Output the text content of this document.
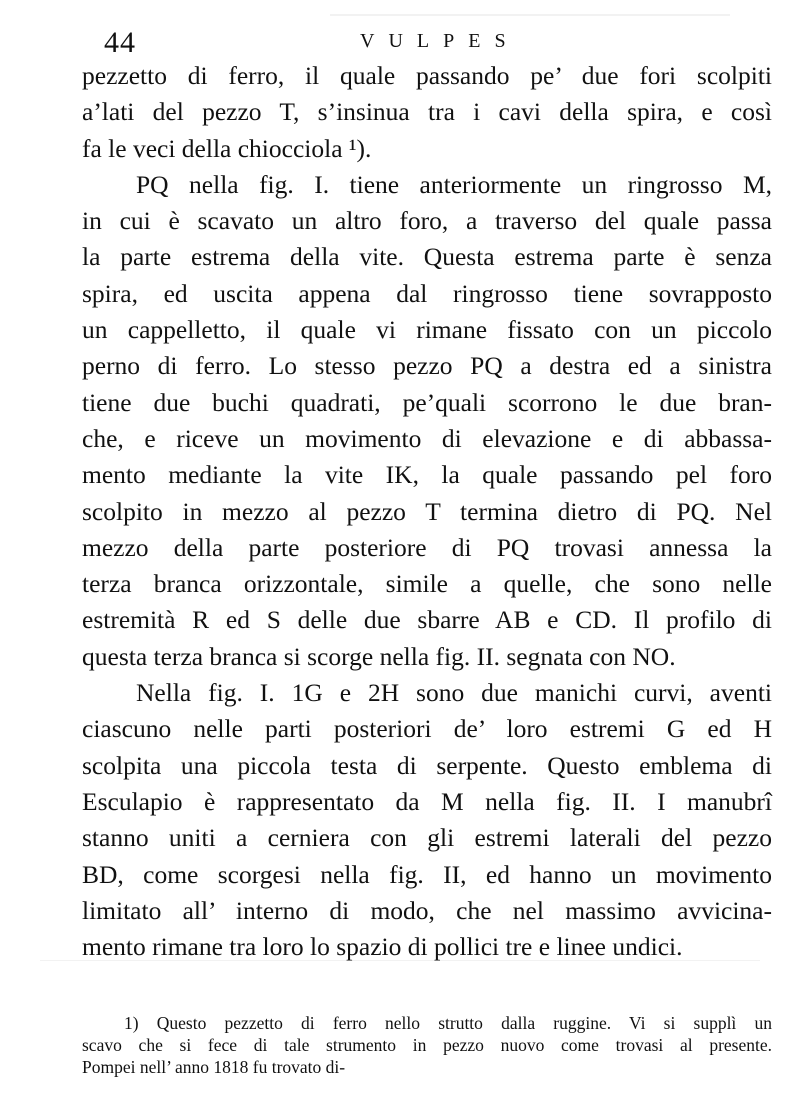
44	VULPES
pezzetto di ferro, il quale passando pe’ due fori scolpiti
a’lati del pezzo T, s’insinua tra i cavi della spira, e così
fa le veci della chiocciola ¹).
PQ nella fig. I. tiene anteriormente un ringrosso M,
in cui è scavato un altro foro, a traverso del quale passa
la parte estrema della vite. Questa estrema parte è senza
spira, ed uscita appena dal ringrosso tiene sovrapposto
un cappelletto, il quale vi rimane fissato con un piccolo
perno di ferro. Lo stesso pezzo PQ a destra ed a sinistra
tiene due buchi quadrati, pe’quali scorrono le due bran-
che, e riceve un movimento di elevazione e di abbassa-
mento mediante la vite IK, la quale passando pel foro
scolpito in mezzo al pezzo T termina dietro di PQ. Nel
mezzo della parte posteriore di PQ trovasi annessa la
terza branca orizzontale, simile a quelle, che sono nelle
estremità R ed S delle due sbarre AB e CD. Il profilo di
questa terza branca si scorge nella fig. II. segnata con NO.
Nella fig. I. 1G e 2H sono due manichi curvi, aventi
ciascuno nelle parti posteriori de’ loro estremi G ed H
scolpita una piccola testa di serpente. Questo emblema di
Esculapio è rappresentato da M nella fig. II. I manubrî
stanno uniti a cerniera con gli estremi laterali del pezzo
BD, come scorgesi nella fig. II, ed hanno un movimento
limitato all’ interno di modo, che nel massimo avvicina-
mento rimane tra loro lo spazio di pollici tre e linee undici.
1) Questo pezzetto di ferro nello strutto dalla ruggine. Vi si supplì un
scavo che si fece di tale strumento in pezzo nuovo come trovasi al presente.
Pompei nell’ anno 1818 fu trovato di-
